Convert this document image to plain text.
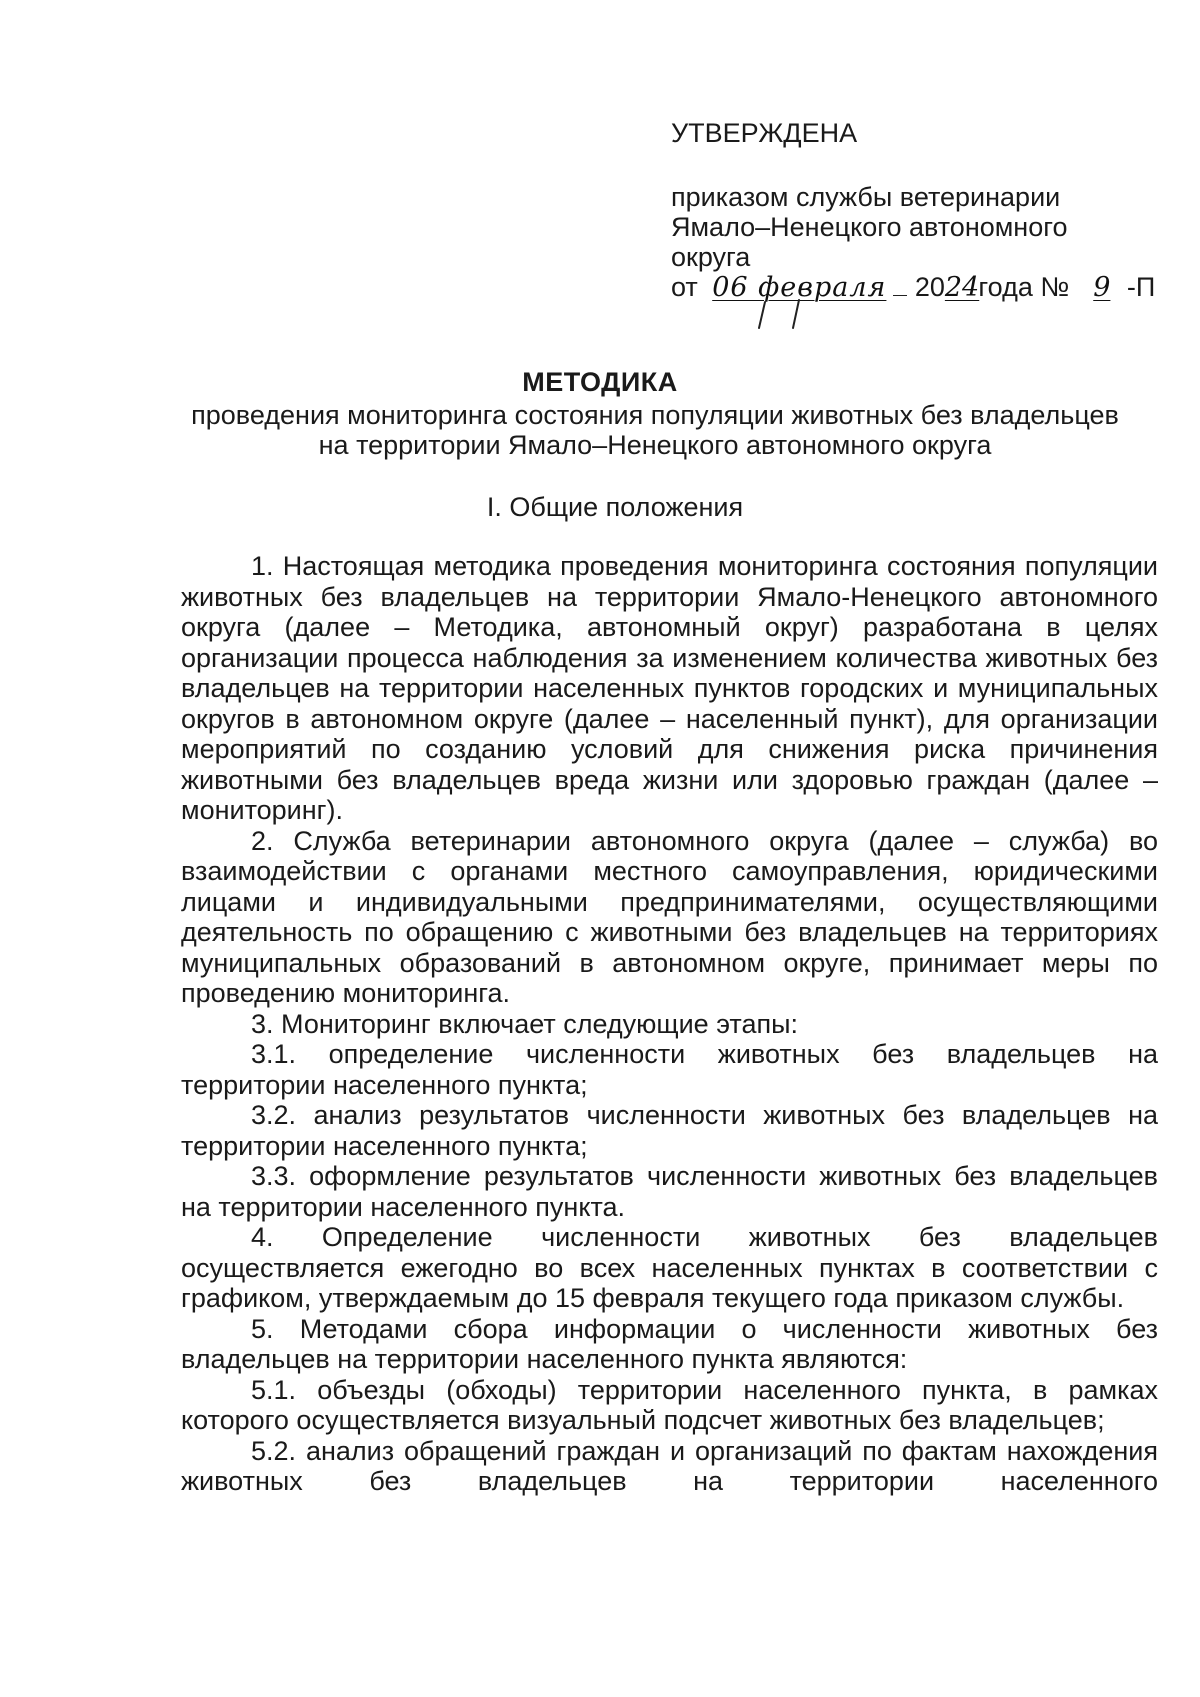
УТВЕРЖДЕНА

приказом службы ветеринарии

Ямало–Ненецкого автономного

округа

от 06 февраля 2024 года № 9 -П

МЕТОДИКА
проведения мониторинга состояния популяции животных без владельцев на территории Ямало–Ненецкого автономного округа
I. Общие положения

1. Настоящая методика проведения мониторинга состояния популяции животных без владельцев на территории Ямало-Ненецкого автономного округа (далее – Методика, автономный округ) разработана в целях организации процесса наблюдения за изменением количества животных без владельцев на территории населенных пунктов городских и муниципальных округов в автономном округе (далее – населенный пункт), для организации мероприятий по созданию условий для снижения риска причинения животными без владельцев вреда жизни или здоровью граждан (далее – мониторинг).

2. Служба ветеринарии автономного округа (далее – служба) во взаимодействии с органами местного самоуправления, юридическими лицами и индивидуальными предпринимателями, осуществляющими деятельность по обращению с животными без владельцев на территориях муниципальных образований в автономном округе, принимает меры по проведению мониторинга.

3. Мониторинг включает следующие этапы:

3.1. определение численности животных без владельцев на территории населенного пункта;

3.2. анализ результатов численности животных без владельцев на территории населенного пункта;

3.3. оформление результатов численности животных без владельцев на территории населенного пункта.

4. Определение численности животных без владельцев осуществляется ежегодно во всех населенных пунктах в соответствии с графиком, утверждаемым до 15 февраля текущего года приказом службы.

5. Методами сбора информации о численности животных без владельцев на территории населенного пункта являются:

5.1. объезды (обходы) территории населенного пункта, в рамках которого осуществляется визуальный подсчет животных без владельцев;

5.2. анализ обращений граждан и организаций по фактам нахождения животных без владельцев на территории населенного
